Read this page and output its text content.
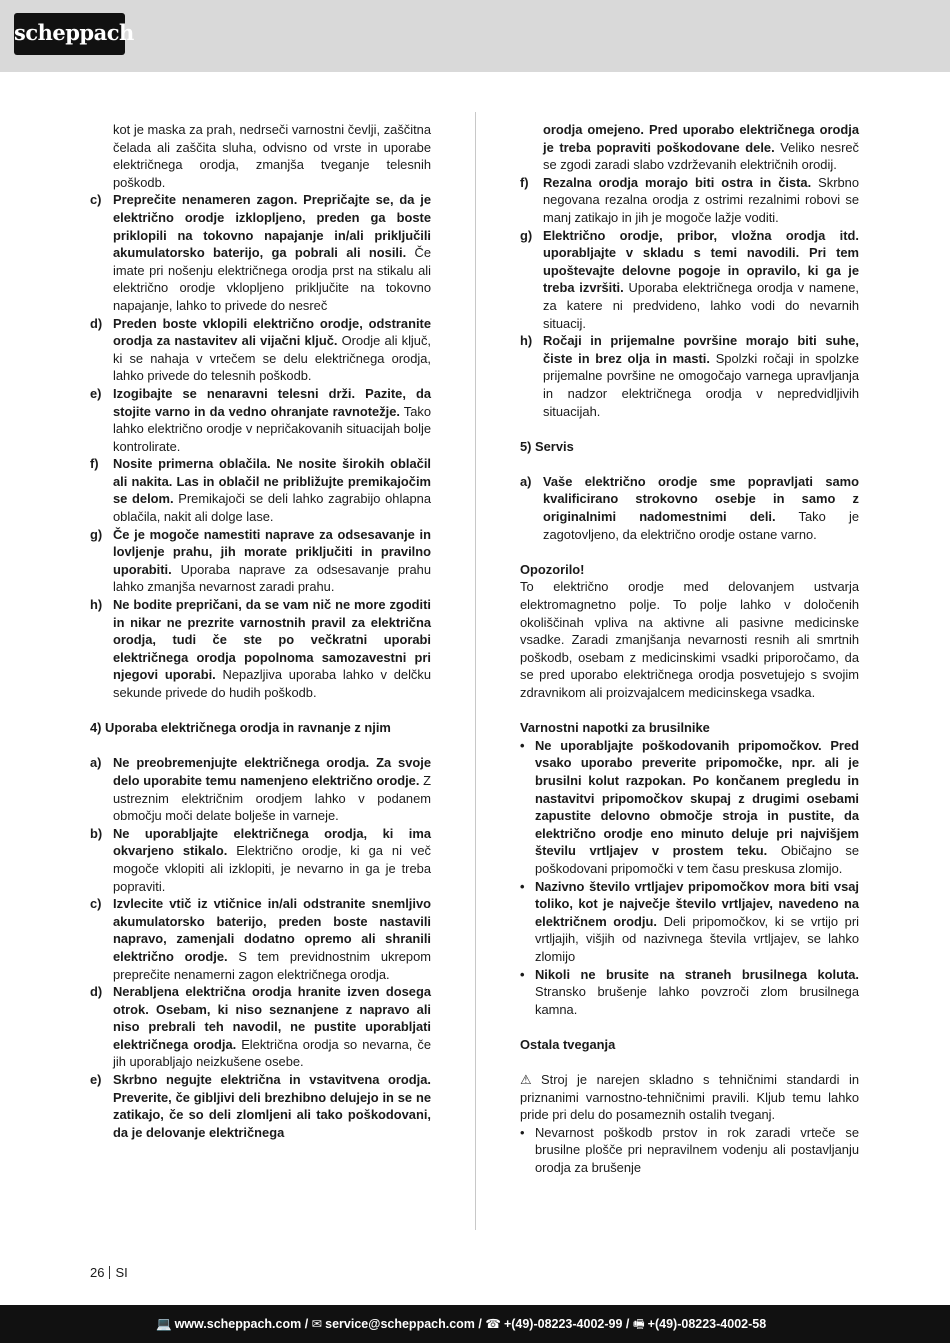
scheppach

kot je maska za prah, nedrseči varnostni čevlji, zaščitna čelada ali zaščita sluha, odvisno od vrste in uporabe električnega orodja, zmanjša tveganje telesnih poškodb.

c) Preprečite nenameren zagon. Prepričajte se, da je električno orodje izklopljeno, preden ga boste priklopili na tokovno napajanje in/ali priključili akumulatorsko baterijo, ga pobrali ali nosili. Če imate pri nošenju električnega orodja prst na stikalu ali električno orodje vklopljeno priključite na tokovno napajanje, lahko to privede do nesreč
d) Preden boste vklopili električno orodje, odstranite orodja za nastavitev ali vijačni ključ. Orodje ali ključ, ki se nahaja v vrtečem se delu električnega orodja, lahko privede do telesnih poškodb.
e) Izogibajte se nenaravni telesni drži. Pazite, da stojite varno in da vedno ohranjate ravnotežje. Tako lahko električno orodje v nepričakovanih situacijah bolje kontrolirate.
f)	Nosite primerna oblačila. Ne nosite širokih oblačil ali nakita. Las in oblačil ne približujte premikajočim se delom. Premikajoči se deli lahko zagrabijo ohlapna oblačila, nakit ali dolge lase.
g) Če je mogoče namestiti naprave za odsesavanje in lovljenje prahu, jih morate priključiti in pravilno uporabiti. Uporaba naprave za odsesavanje prahu lahko zmanjša nevarnost zaradi prahu.
h) Ne bodite prepričani, da se vam nič ne more zgoditi in nikar ne prezrite varnostnih pravil za električna orodja, tudi če ste po večkratni uporabi električnega orodja popolnoma samozavestni pri njegovi uporabi. Nepazljiva uporaba lahko v delčku sekunde privede do hudih poškodb.

4) Uporaba električnega orodja in ravnanje z njim

a) Ne preobremenjujte električnega orodja. Za svoje delo uporabite temu namenjeno električno orodje. Z ustreznim električnim orodjem lahko v podanem območju moči delate bolješe in varneje.
b) Ne uporabljajte električnega orodja, ki ima okvarjeno stikalo. Električno orodje, ki ga ni več mogoče vklopiti ali izklopiti, je nevarno in ga je treba popraviti.
c) Izvlecite vtič iz vtičnice in/ali odstranite snemljivo akumulatorsko baterijo, preden boste nastavili napravo, zamenjali dodatno opremo ali shranili električno orodje. S tem previdnostnim ukrepom preprečite nenamerni zagon električnega orodja.
d) Nerabljena električna orodja hranite izven dosega otrok. Osebam, ki niso seznanjene z napravo ali niso prebrali teh navodil, ne pustite uporabljati električnega orodja. Električna orodja so nevarna, če jih uporabljajo neizkušene osebe.
e) Skrbno negujte električna in vstavitvena orodja. Preverite, če gibljivi deli brezhibno delujejo in se ne zatikajo, če so deli zlomljeni ali tako poškodovani, da je delovanje električnega

orodja omejeno. Pred uporabo električnega orodja je treba popraviti poškodovane dele. Veliko nesreč se zgodi zaradi slabo vzdrževanih električnih orodij.

f)	Rezalna orodja morajo biti ostra in čista. Skrbno negovana rezalna orodja z ostrimi rezalnimi robovi se manj zatikajo in jih je mogoče lažje voditi.
g) Električno orodje, pribor, vložna orodja itd. uporabljajte v skladu s temi navodili. Pri tem upoštevajte delovne pogoje in opravilo, ki ga je treba izvršiti. Uporaba električnega orodja v namene, za katere ni predvideno, lahko vodi do nevarnih situacij.
h) Ročaji in prijemalne površine morajo biti suhe, čiste in brez olja in masti. Spolzki ročaji in spolzke prijemalne površine ne omogočajo varnega upravljanja in nadzor električnega orodja v nepredvidljivih situacijah.

5) Servis

a) Vaše električno orodje sme popravljati samo kvalificirano strokovno osebje in samo z originalnimi nadomestnimi deli. Tako je zagotovljeno, da električno orodje ostane varno.

Opozorilo!

To električno orodje med delovanjem ustvarja elektromagnetno polje. To polje lahko v določenih okoliščinah vpliva na aktivne ali pasivne medicinske vsadke. Zaradi zmanjšanja nevarnosti resnih ali smrtnih poškodb, osebam z medicinskimi vsadki priporočamo, da se pred uporabo električnega orodja posvetujejo s svojim zdravnikom ali proizvajalcem medicinskega vsadka.

Varnostni napotki za brusilnike

• Ne uporabljajte poškodovanih pripomočkov. Pred vsako uporabo preverite pripomočke, npr. ali je brusilni kolut razpokan. Po končanem pregledu in nastavitvi pripomočkov skupaj z drugimi osebami zapustite delovno območje stroja in pustite, da električno orodje eno minuto deluje pri najvišjem številu vrtljajev v prostem teku. Običajno se poškodovani pripomočki v tem času preskusa zlomijo.
• Nazivno število vrtljajev pripomočkov mora biti vsaj toliko, kot je največje število vrtljajev, navedeno na električnem orodju. Deli pripomočkov, ki se vrtijo pri vrtljajih, višjih od nazivnega števila vrtljajev, se lahko zlomijo
• Nikoli ne brusite na straneh brusilnega koluta. Stransko brušenje lahko povzroči zlom brusilnega kamna.

Ostala tveganja

⚠ Stroj je narejen skladno s tehničnimi standardi in priznanimi varnostno-tehničnimi pravili. Kljub temu lahko pride pri delu do posameznih ostalih tveganj.

• Nevarnost poškodb prstov in rok zaradi vrteče se brusilne plošče pri nepravilnem vodenju ali postavljanju orodja za brušenje
26 SI
💻 www.scheppach.com / ✉ service@scheppach.com / ☎ +(49)-08223-4002-99 / 🖷 +(49)-08223-4002-58
